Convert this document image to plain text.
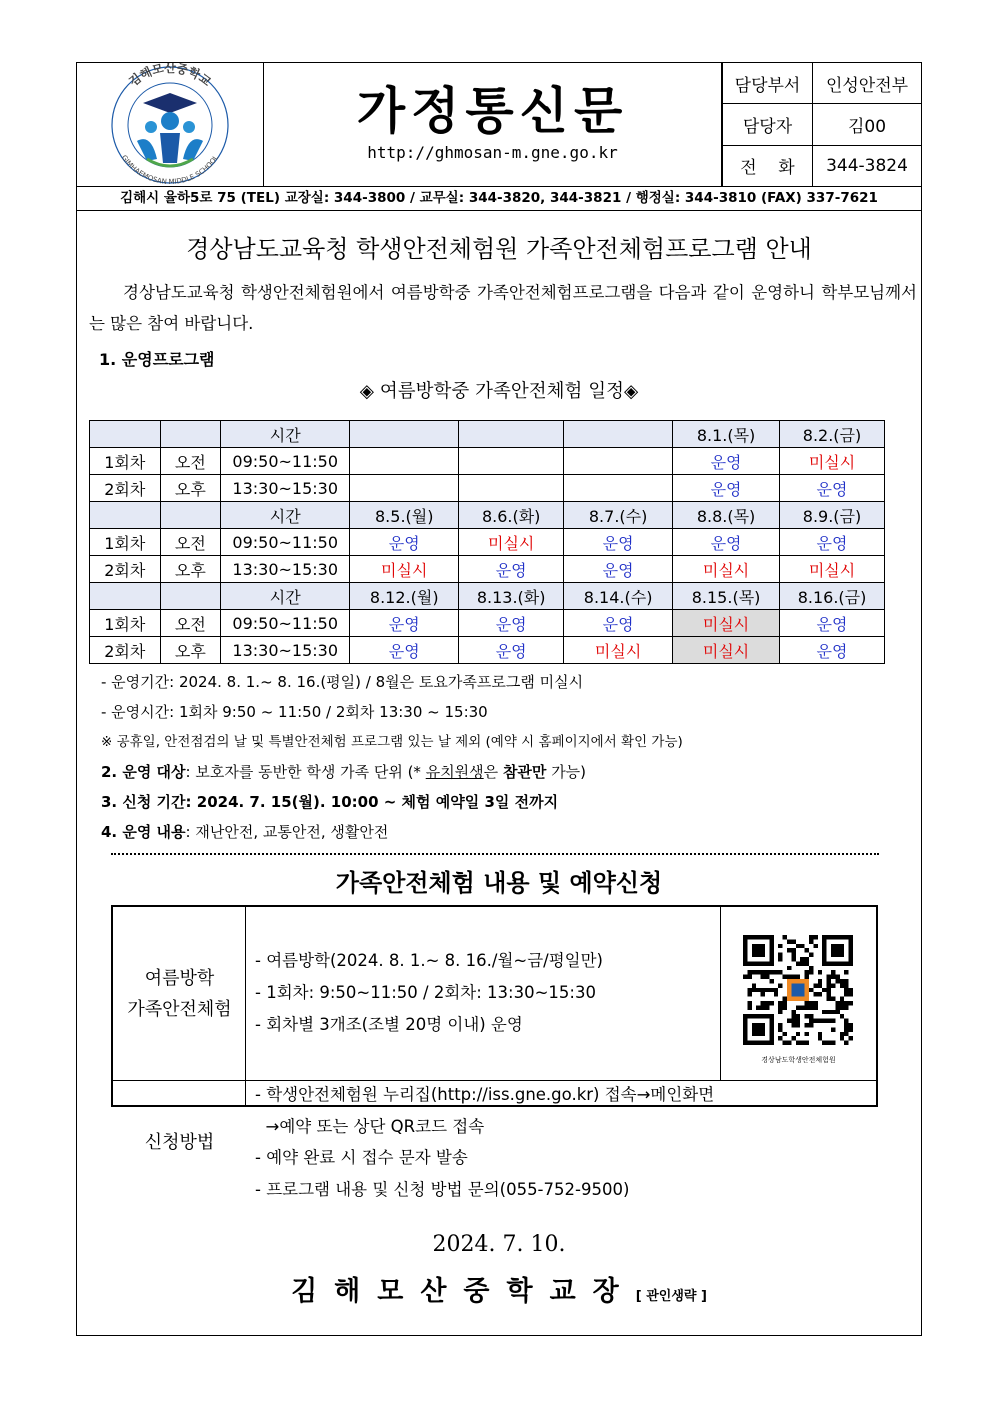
김해모산중학교
GIMHAEMOSAN MIDDLE SCHOOL
가정통신문
http://ghmosan-m.gne.go.kr
담당부서	인성안전부
담당자	김00
전    화	344-3824
김해시 율하5로 75 (TEL) 교장실: 344-3800 / 교무실: 344-3820, 344-3821 / 행정실: 344-3810 (FAX) 337-7621
경상남도교육청 학생안전체험원 가족안전체험프로그램 안내
경상남도교육청 학생안전체험원에서 여름방학중 가족안전체험프로그램을 다음과 같이 운영하니 학부모님께서는 많은 참여 바랍니다.
1. 운영프로그램
◈ 여름방학중 가족안전체험 일정◈
		시간				8.1.(목)	8.2.(금)
1회차	오전	09:50~11:50				운영	미실시
2회차	오후	13:30~15:30				운영	운영
		시간	8.5.(월)	8.6.(화)	8.7.(수)	8.8.(목)	8.9.(금)
1회차	오전	09:50~11:50	운영	미실시	운영	운영	운영
2회차	오후	13:30~15:30	미실시	운영	운영	미실시	미실시
		시간	8.12.(월)	8.13.(화)	8.14.(수)	8.15.(목)	8.16.(금)
1회차	오전	09:50~11:50	운영	운영	운영	미실시	운영
2회차	오후	13:30~15:30	운영	운영	미실시	미실시	운영
- 운영기간: 2024. 8. 1.~ 8. 16.(평일) / 8월은 토요가족프로그램 미실시
- 운영시간: 1회차 9:50 ~ 11:50 / 2회차 13:30 ~ 15:30
※ 공휴일, 안전점검의 날 및 특별안전체험 프로그램 있는 날 제외 (예약 시 홈페이지에서 확인 가능)
2. 운영 대상: 보호자를 동반한 학생 가족 단위 (* 유치원생은 참관만 가능)
3. 신청 기간: 2024. 7. 15(월). 10:00 ~ 체험 예약일 3일 전까지
4. 운영 내용: 재난안전, 교통안전, 생활안전
가족안전체험 내용 및 예약신청
여름방학
가족안전체험
- 여름방학(2024. 8. 1.~ 8. 16./월~금/평일만)
- 1회차: 9:50~11:50 / 2회차: 13:30~15:30
- 회차별 3개조(조별 20명 이내) 운영
경상남도학생안전체험원
신청방법
- 학생안전체험원 누리집(http://iss.gne.go.kr) 접속→메인화면
→예약 또는 상단 QR코드 접속
- 예약 완료 시 접수 문자 발송
- 프로그램 내용 및 신청 방법 문의(055-752-9500)
2024. 7. 10.
김해모산중학교장[ 관인생략 ]
